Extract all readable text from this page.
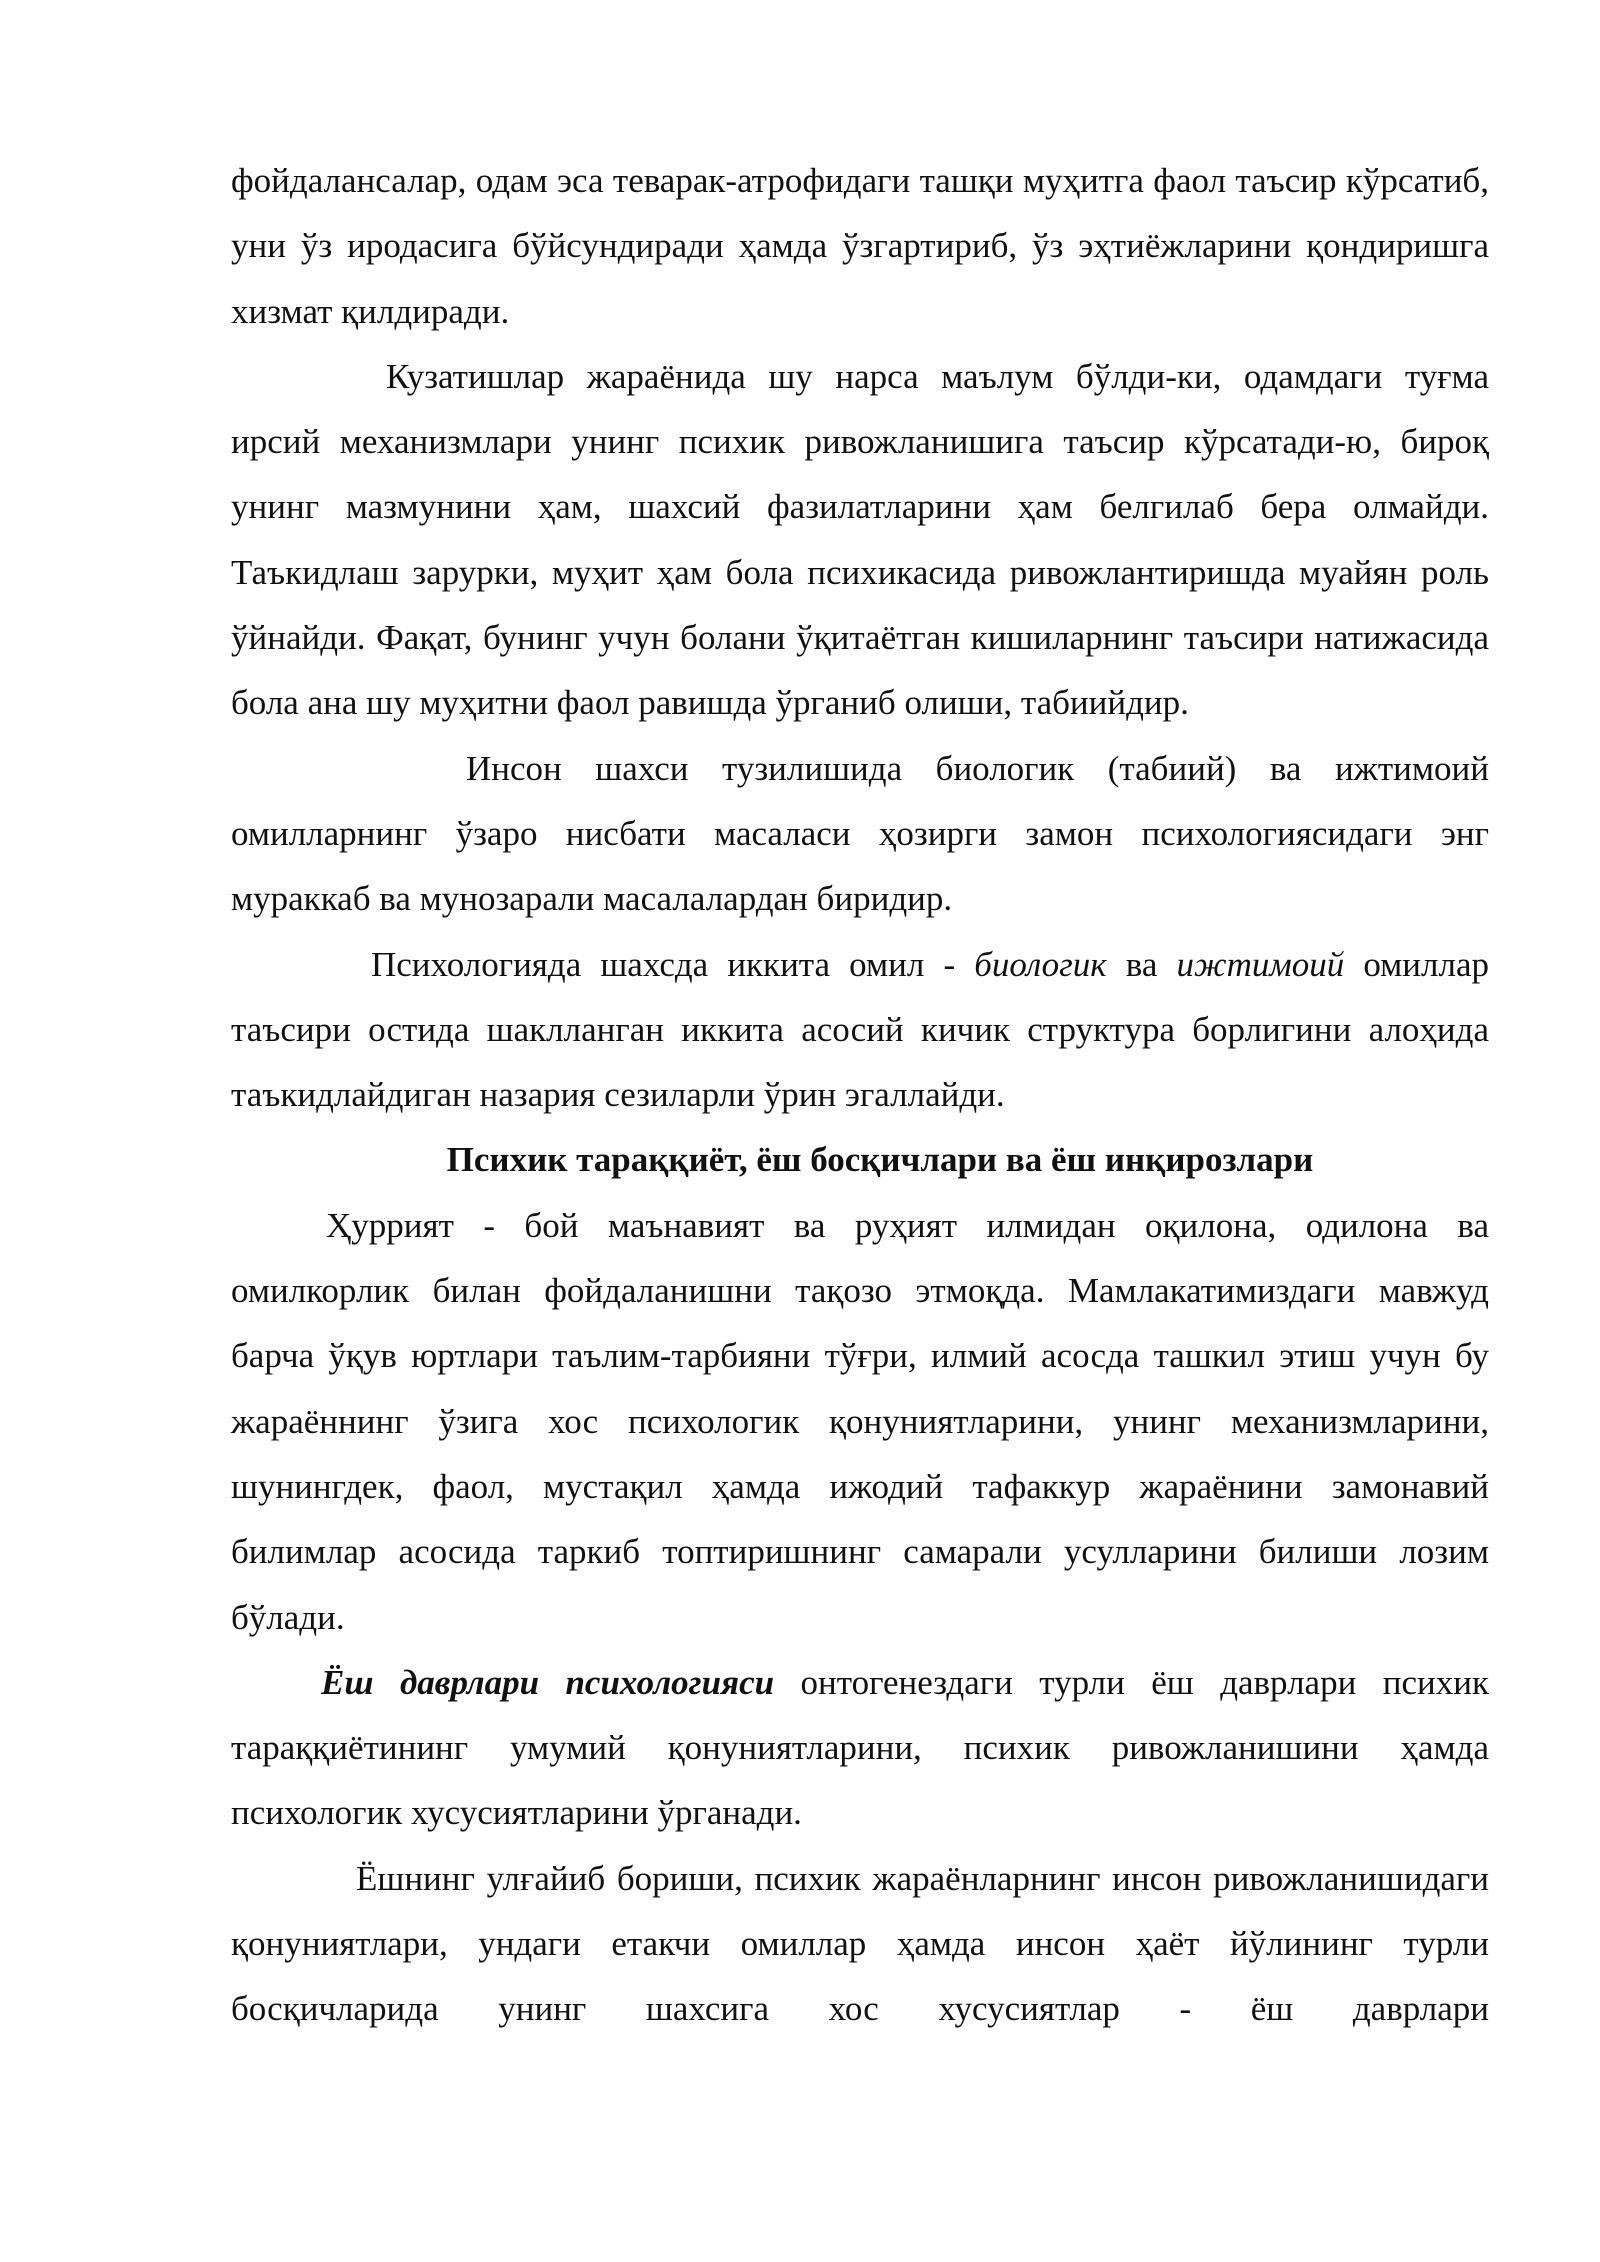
фойдалансалар, одам эса теварак-атрофидаги ташқи муҳитга фаол таъсир кўрсатиб, уни ўз иродасига бўйсундиради ҳамда ўзгартириб, ўз эҳтиёжларини қондиришга хизмат қилдиради.

Кузатишлар жараёнида шу нарса маълум бўлди-ки, одамдаги туғма ирсий механизмлари унинг психик ривожланишига таъсир кўрсатади-ю, бироқ унинг мазмунини ҳам, шахсий фазилатларини ҳам белгилаб бера олмайди. Таъкидлаш зарурки, муҳит ҳам бола психикасида ривожлантиришда муайян роль ўйнайди. Фақат, бунинг учун болани ўқитаётган кишиларнинг таъсири натижасида бола ана шу муҳитни фаол равишда ўрганиб олиши, табиийдир.

Инсон шахси тузилишида биологик (табиий) ва ижтимоий омилларнинг ўзаро нисбати масаласи ҳозирги замон психологиясидаги энг мураккаб ва мунозарали масалалардан биридир.

Психологияда шахсда иккита омил - биологик ва ижтимоий омиллар таъсири остида шаклланган иккита асосий кичик структура борлигини алоҳида таъкидлайдиган назария сезиларли ўрин эгаллайди.

Психик тараққиёт, ёш босқичлари ва ёш инқирозлари

Ҳуррият - бой маънавият ва руҳият илмидан оқилона, одилона ва омилкорлик билан фойдаланишни тақозо этмоқда. Мамлакатимиздаги мавжуд барча ўқув юртлари таълим-тарбияни тўғри, илмий асосда ташкил этиш учун бу жараённинг ўзига хос психологик қонуниятларини, унинг механизмларини, шунингдек, фаол, мустақил ҳамда ижодий тафаккур жараёнини замонавий билимлар асосида таркиб топтиришнинг самарали усулларини билиши лозим бўлади.

Ёш даврлари психологияси онтогенездаги турли ёш даврлари психик тараққиётининг умумий қонуниятларини, психик ривожланишини ҳамда психологик хусусиятларини ўрганади.

Ёшнинг улғайиб бориши, психик жараёнларнинг инсон ривожланишидаги қонуниятлари, ундаги етакчи омиллар ҳамда инсон ҳаёт йўлининг турли босқичларида унинг шахсига хос хусусиятлар - ёш даврлари
